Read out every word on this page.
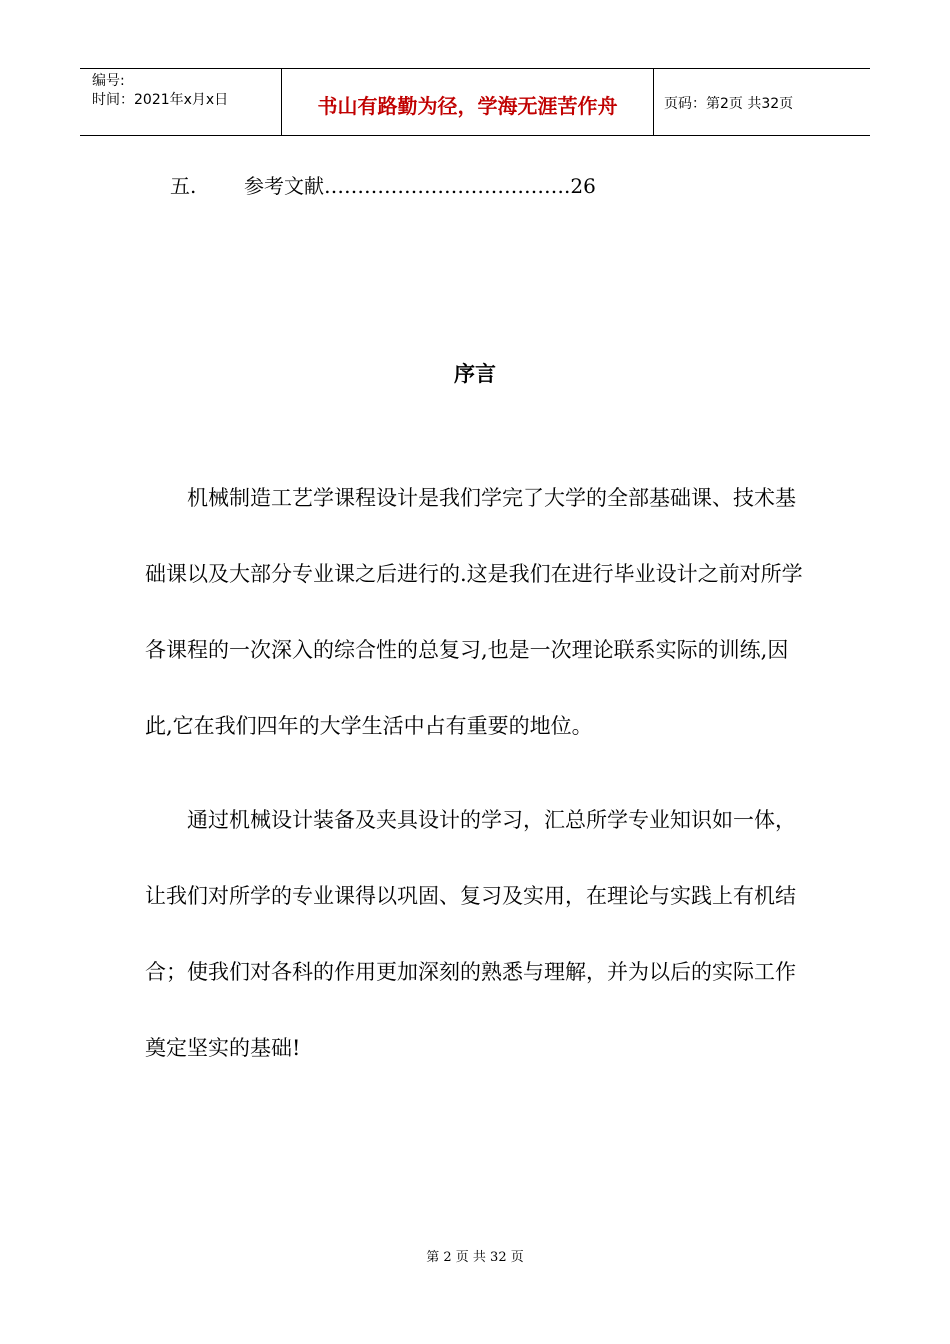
编号:
时间：2021年x月x日	书山有路勤为径，学海无涯苦作舟	页码：第2页 共32页
五. 参考文献……………………………….26
序言

机械制造工艺学课程设计是我们学完了大学的全部基础课、技术基础课以及大部分专业课之后进行的.这是我们在进行毕业设计之前对所学各课程的一次深入的综合性的总复习,也是一次理论联系实际的训练,因此,它在我们四年的大学生活中占有重要的地位。

通过机械设计装备及夹具设计的学习，汇总所学专业知识如一体，让我们对所学的专业课得以巩固、复习及实用，在理论与实践上有机结合；使我们对各科的作用更加深刻的熟悉与理解，并为以后的实际工作奠定坚实的基础!

第 2 页 共 32 页
